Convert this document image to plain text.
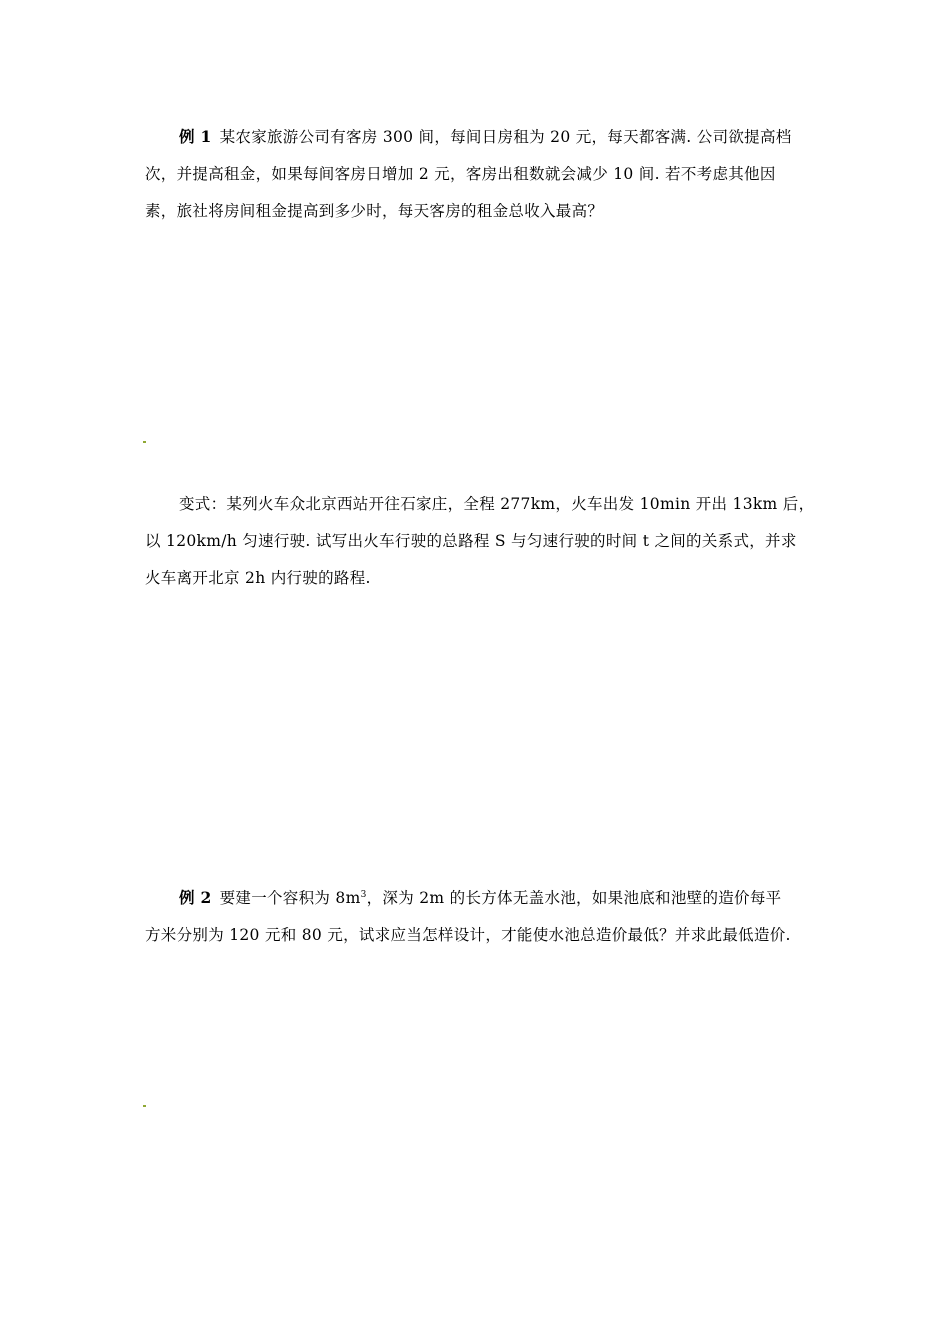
例 1 某农家旅游公司有客房 300 间，每间日房租为 20 元，每天都客满. 公司欲提高档
次，并提高租金，如果每间客房日增加 2 元，客房出租数就会减少 10 间. 若不考虑其他因
素，旅社将房间租金提高到多少时，每天客房的租金总收入最高？
变式：某列火车众北京西站开往石家庄，全程 277km，火车出发 10min 开出 13km 后，
以 120km/h 匀速行驶. 试写出火车行驶的总路程 S 与匀速行驶的时间 t 之间的关系式，并求
火车离开北京 2h 内行驶的路程.
例 2 要建一个容积为 $8m^3$，深为 2m 的长方体无盖水池，如果池底和池壁的造价每平
方米分别为 120 元和 80 元，试求应当怎样设计，才能使水池总造价最低？并求此最低造价.
